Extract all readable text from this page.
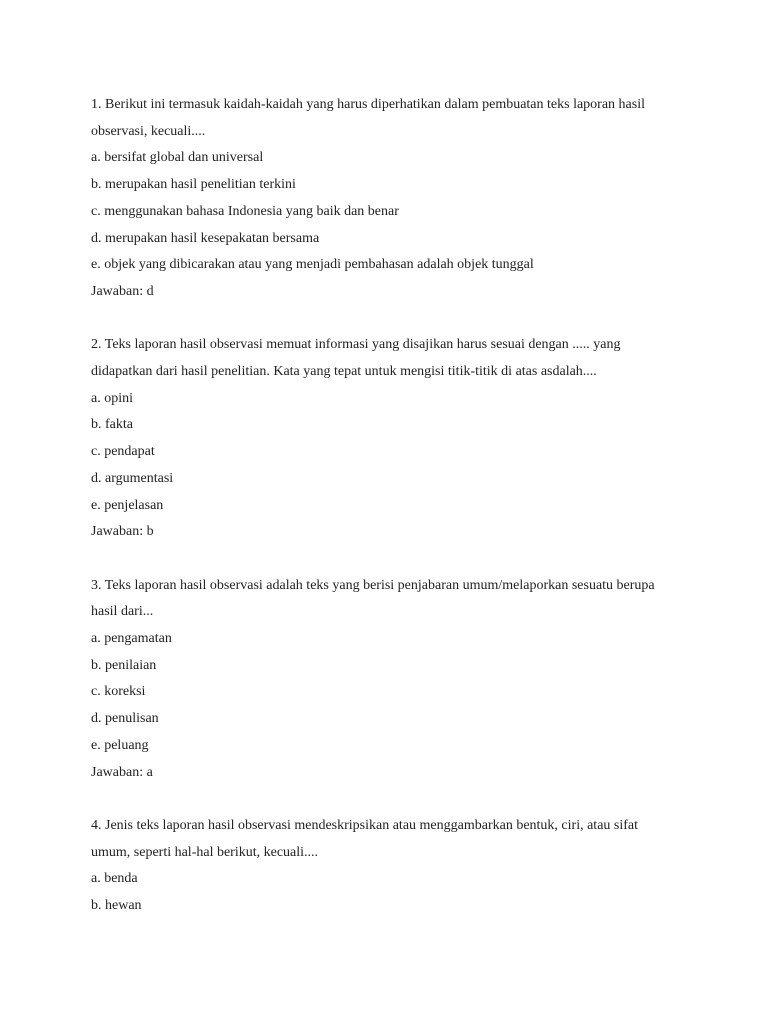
1. Berikut ini termasuk kaidah-kaidah yang harus diperhatikan dalam pembuatan teks laporan hasil observasi, kecuali....

a. bersifat global dan universal

b. merupakan hasil penelitian terkini

c. menggunakan bahasa Indonesia yang baik dan benar

d. merupakan hasil kesepakatan bersama

e. objek yang dibicarakan atau yang menjadi pembahasan adalah objek tunggal

Jawaban: d

2. Teks laporan hasil observasi memuat informasi yang disajikan harus sesuai dengan ..... yang didapatkan dari hasil penelitian. Kata yang tepat untuk mengisi titik-titik di atas asdalah....

a. opini

b. fakta

c. pendapat

d. argumentasi

e. penjelasan

Jawaban: b

3. Teks laporan hasil observasi adalah teks yang berisi penjabaran umum/melaporkan sesuatu berupa hasil dari...

a. pengamatan

b. penilaian

c. koreksi

d. penulisan

e. peluang

Jawaban: a

4. Jenis teks laporan hasil observasi mendeskripsikan atau menggambarkan bentuk, ciri, atau sifat umum, seperti hal-hal berikut, kecuali....

a. benda

b. hewan
